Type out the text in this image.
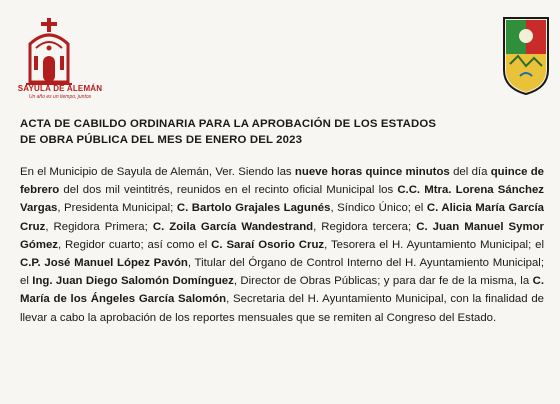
SAYULA DE ALEMÁN
Un año es un tiempo, juntos
ACTA DE CABILDO ORDINARIA PARA LA APROBACIÓN DE LOS ESTADOS
DE OBRA PÚBLICA DEL MES DE ENERO DEL 2023
En el Municipio de Sayula de Alemán, Ver. Siendo las nueve horas quince minutos del día quince de febrero del dos mil veintitrés, reunidos en el recinto oficial Municipal los C.C. Mtra. Lorena Sánchez Vargas, Presidenta Municipal; C. Bartolo Grajales Lagunés, Síndico Único; el C. Alicia María García Cruz, Regidora Primera; C. Zoila García Wandestrand, Regidora tercera; C. Juan Manuel Symor Gómez, Regidor cuarto; así como el C. Saraí Osorio Cruz, Tesorera el H. Ayuntamiento Municipal; el C.P. José Manuel López Pavón, Titular del Órgano de Control Interno del H. Ayuntamiento Municipal; el Ing. Juan Diego Salomón Domínguez, Director de Obras Públicas; y para dar fe de la misma, la C. María de los Ángeles García Salomón, Secretaria del H. Ayuntamiento Municipal, con la finalidad de llevar a cabo la aprobación de los reportes mensuales que se remiten al Congreso del Estado.
